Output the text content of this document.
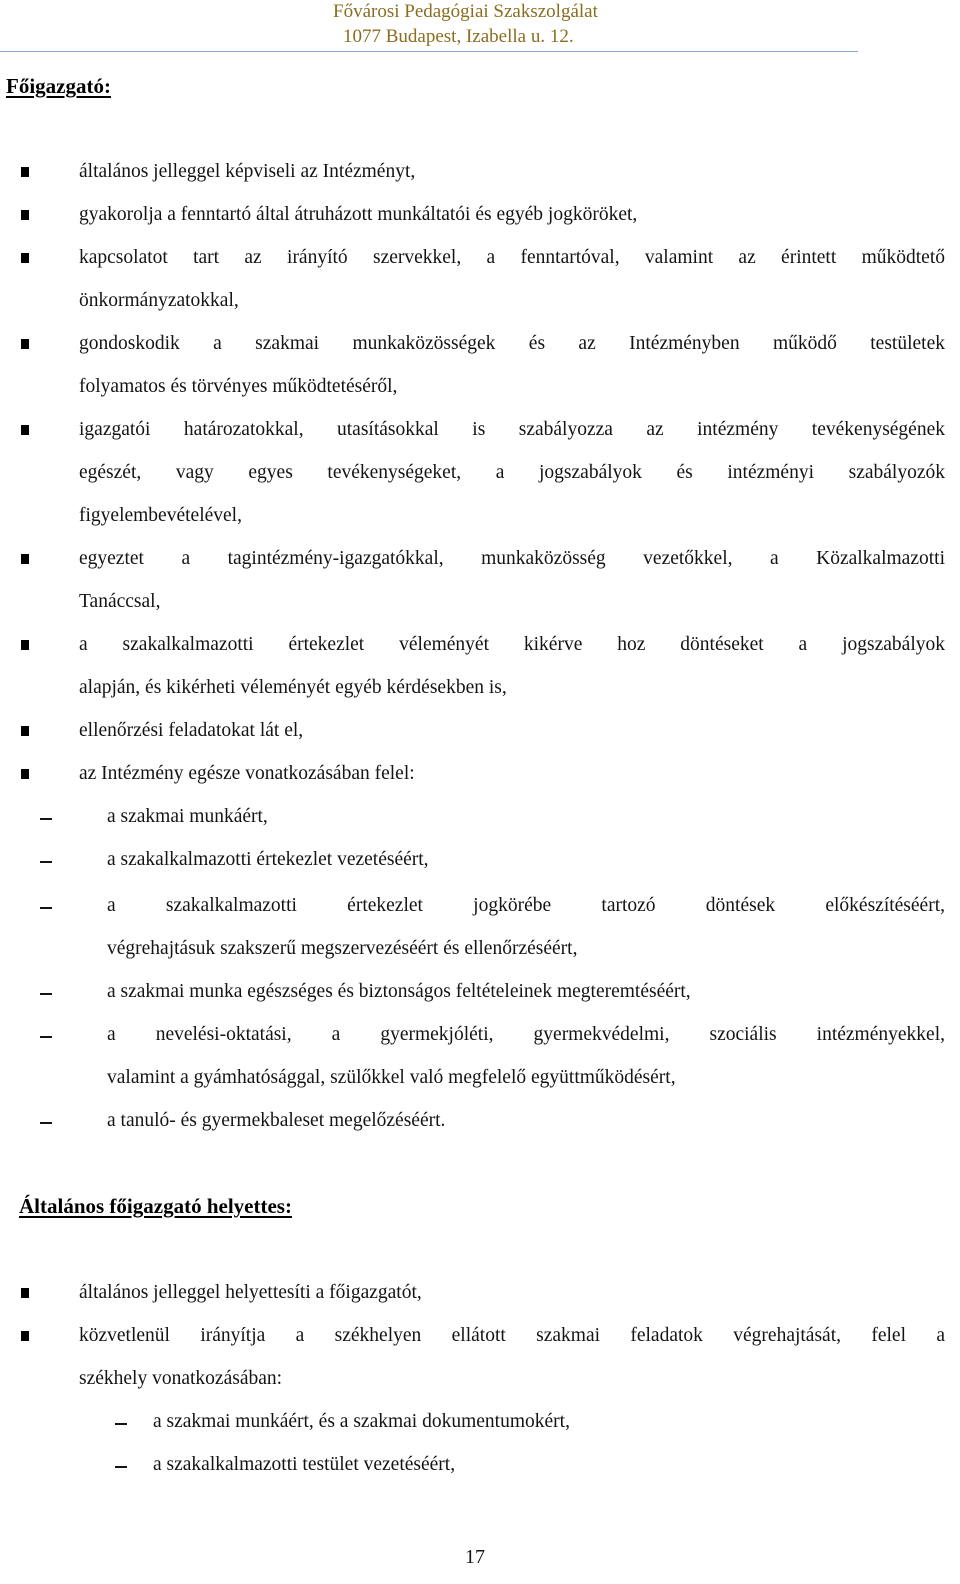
Fővárosi Pedagógiai Szakszolgálat
1077 Budapest, Izabella u. 12.
Főigazgató:
általános jelleggel képviseli az Intézményt,
gyakorolja a fenntartó által átruházott munkáltatói és egyéb jogköröket,
kapcsolatot tart az irányító szervekkel, a fenntartóval, valamint az érintett működtető
önkormányzatokkal,
gondoskodik a szakmai munkaközösségek és az Intézményben működő testületek
folyamatos és törvényes működtetéséről,
igazgatói határozatokkal, utasításokkal is szabályozza az intézmény tevékenységének
egészét, vagy egyes tevékenységeket, a jogszabályok és intézményi szabályozók
figyelembevételével,
egyeztet a tagintézmény-igazgatókkal, munkaközösség vezetőkkel, a Közalkalmazotti
Tanáccsal,
a szakalkalmazotti értekezlet véleményét kikérve hoz döntéseket a jogszabályok
alapján, és kikérheti véleményét egyéb kérdésekben is,
ellenőrzési feladatokat lát el,
az Intézmény egésze vonatkozásában felel:
a szakmai munkáért,
a szakalkalmazotti értekezlet vezetéséért,
a szakalkalmazotti értekezlet jogkörébe tartozó döntések előkészítéséért,
végrehajtásuk szakszerű megszervezéséért és ellenőrzéséért,
a szakmai munka egészséges és biztonságos feltételeinek megteremtéséért,
a nevelési-oktatási, a gyermekjóléti, gyermekvédelmi, szociális intézményekkel,
valamint a gyámhatósággal, szülőkkel való megfelelő együttműködésért,
a tanuló- és gyermekbaleset megelőzéséért.
Általános főigazgató helyettes:
általános jelleggel helyettesíti a főigazgatót,
közvetlenül irányítja a székhelyen ellátott szakmai feladatok végrehajtását, felel a
székhely vonatkozásában:
a szakmai munkáért, és a szakmai dokumentumokért,
a szakalkalmazotti testület vezetéséért,
17
